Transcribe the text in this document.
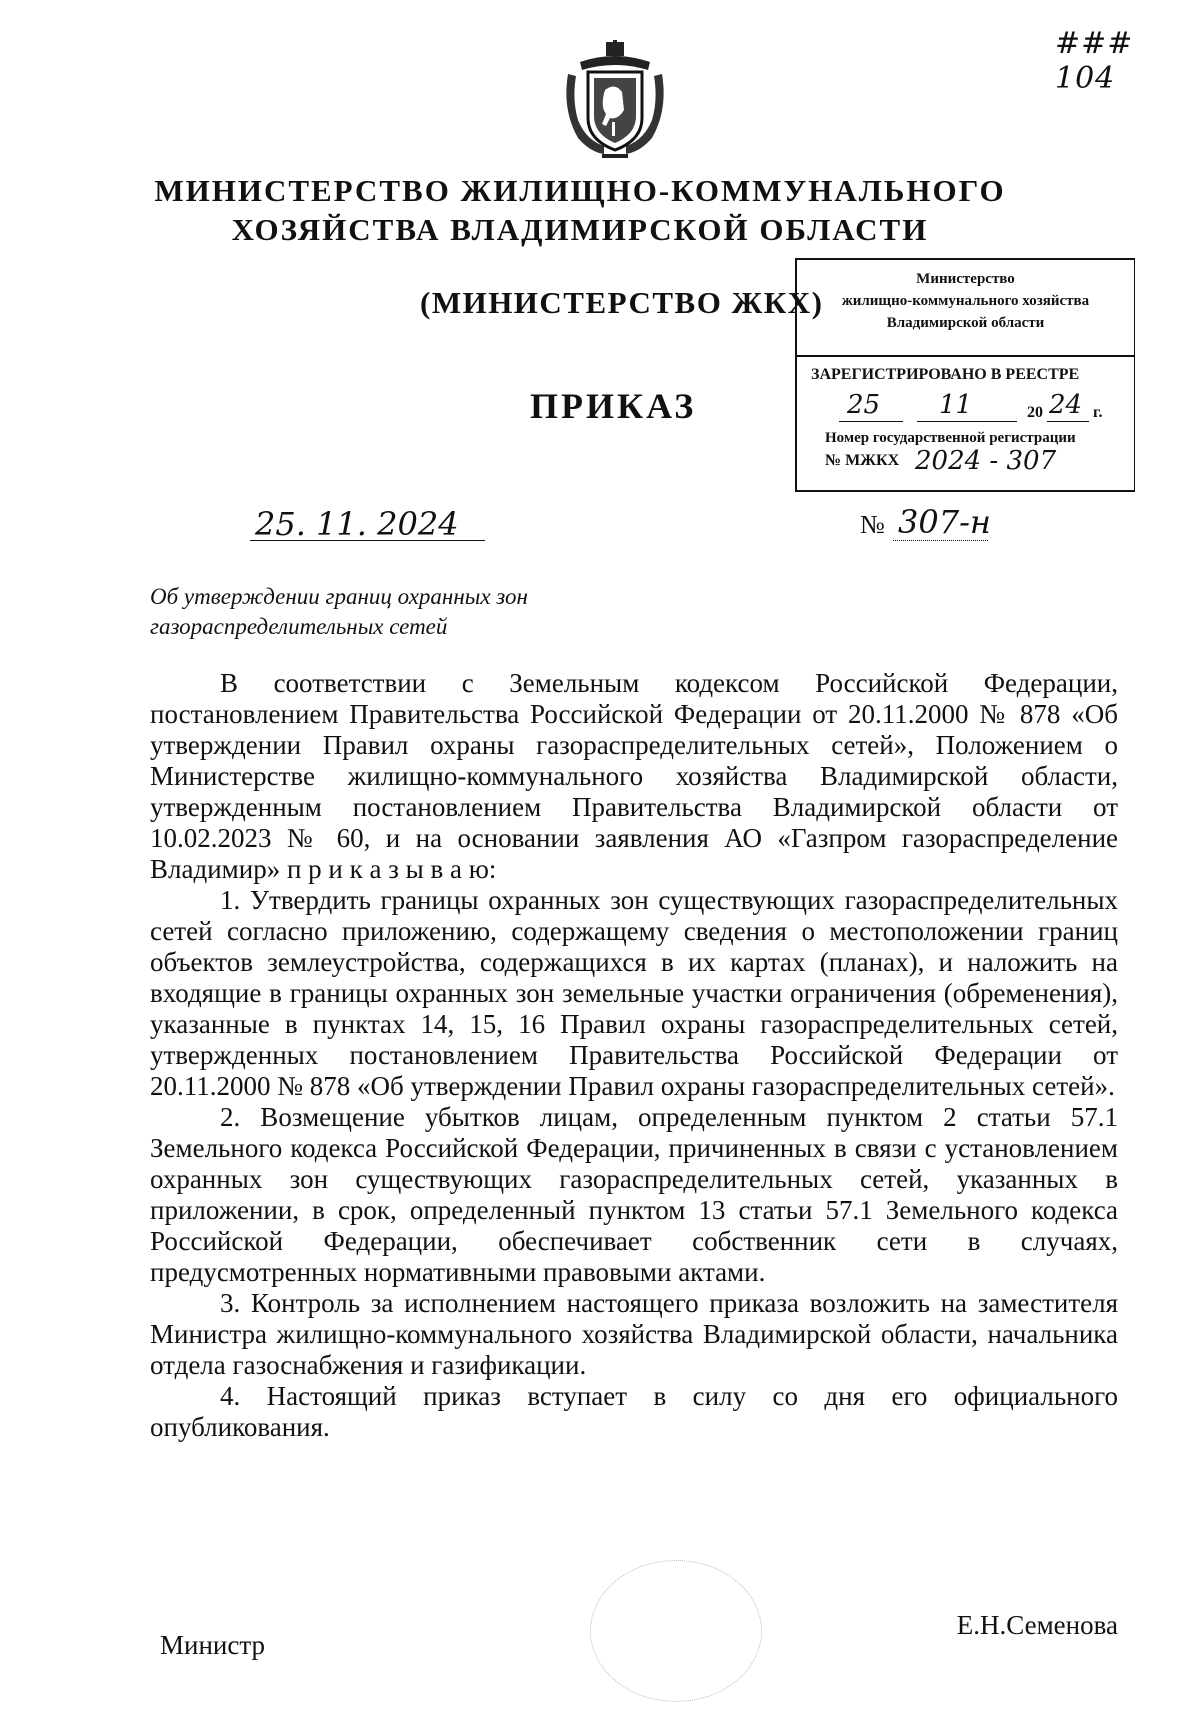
### 104
МИНИСТЕРСТВО ЖИЛИЩНО-КОММУНАЛЬНОГО
ХОЗЯЙСТВА ВЛАДИМИРСКОЙ ОБЛАСТИ
(МИНИСТЕРСТВО ЖКХ)
ПРИКАЗ
Министерство
жилищно-коммунального хозяйства
Владимирской области
ЗАРЕГИСТРИРОВАНО В РЕЕСТРЕ
25 11	20 24 г.
Номер государственной регистрации
№ МЖКХ 2024 - 307
25. 11. 2024	№ 307-н
Об утверждении границ охранных зон
газораспределительных сетей

В соответствии с Земельным кодексом Российской Федерации, постановлением Правительства Российской Федерации от 20.11.2000 № 878 «Об утверждении Правил охраны газораспределительных сетей», Положением о Министерстве жилищно-коммунального хозяйства Владимирской области, утвержденным постановлением Правительства Владимирской области от 10.02.2023 № 60, и на основании заявления АО «Газпром газораспределение Владимир» п р и к а з ы в а ю:

1. Утвердить границы охранных зон существующих газораспределительных сетей согласно приложению, содержащему сведения о местоположении границ объектов землеустройства, содержащихся в их картах (планах), и наложить на входящие в границы охранных зон земельные участки ограничения (обременения), указанные в пунктах 14, 15, 16 Правил охраны газораспределительных сетей, утвержденных постановлением Правительства Российской Федерации от 20.11.2000 № 878 «Об утверждении Правил охраны газораспределительных сетей».

2. Возмещение убытков лицам, определенным пунктом 2 статьи 57.1 Земельного кодекса Российской Федерации, причиненных в связи с установлением охранных зон существующих газораспределительных сетей, указанных в приложении, в срок, определенный пунктом 13 статьи 57.1 Земельного кодекса Российской Федерации, обеспечивает собственник сети в случаях, предусмотренных нормативными правовыми актами.

3. Контроль за исполнением настоящего приказа возложить на заместителя Министра жилищно-коммунального хозяйства Владимирской области, начальника отдела газоснабжения и газификации.

4. Настоящий приказ вступает в силу со дня его официального опубликования.

Министр
Е.Н.Семенова
